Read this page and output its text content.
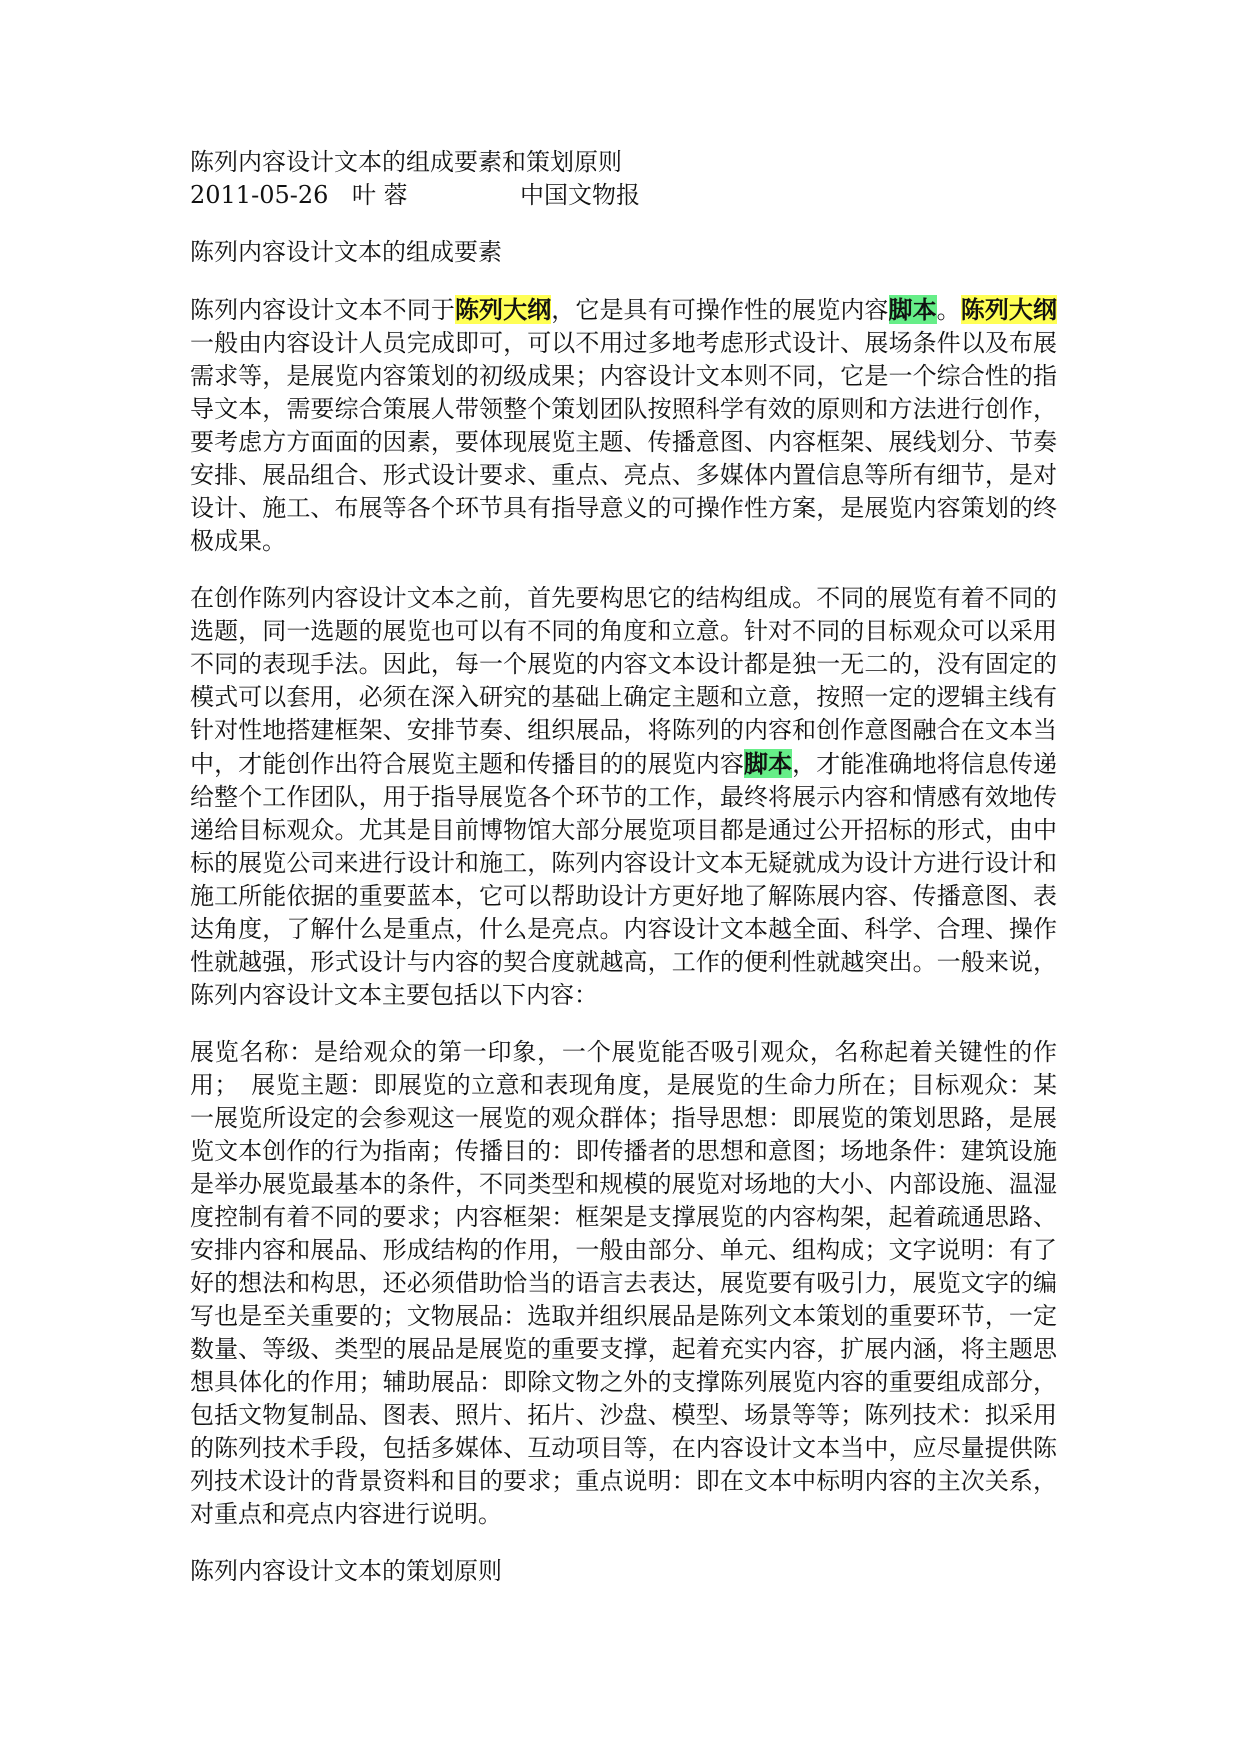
陈列内容设计文本的组成要素和策划原则

2011-05-26 叶 蓉	中国文物报

陈列内容设计文本的组成要素

陈列内容设计文本不同于陈列大纲，它是具有可操作性的展览内容脚本。陈列大纲一般由内容设计人员完成即可，可以不用过多地考虑形式设计、展场条件以及布展需求等，是展览内容策划的初级成果；内容设计文本则不同，它是一个综合性的指导文本，需要综合策展人带领整个策划团队按照科学有效的原则和方法进行创作，要考虑方方面面的因素，要体现展览主题、传播意图、内容框架、展线划分、节奏安排、展品组合、形式设计要求、重点、亮点、多媒体内置信息等所有细节，是对设计、施工、布展等各个环节具有指导意义的可操作性方案，是展览内容策划的终极成果。

在创作陈列内容设计文本之前，首先要构思它的结构组成。不同的展览有着不同的选题，同一选题的展览也可以有不同的角度和立意。针对不同的目标观众可以采用不同的表现手法。因此，每一个展览的内容文本设计都是独一无二的，没有固定的模式可以套用，必须在深入研究的基础上确定主题和立意，按照一定的逻辑主线有针对性地搭建框架、安排节奏、组织展品，将陈列的内容和创作意图融合在文本当中，才能创作出符合展览主题和传播目的的展览内容脚本，才能准确地将信息传递给整个工作团队，用于指导展览各个环节的工作，最终将展示内容和情感有效地传递给目标观众。尤其是目前博物馆大部分展览项目都是通过公开招标的形式，由中标的展览公司来进行设计和施工，陈列内容设计文本无疑就成为设计方进行设计和施工所能依据的重要蓝本，它可以帮助设计方更好地了解陈展内容、传播意图、表达角度，了解什么是重点，什么是亮点。内容设计文本越全面、科学、合理、操作性就越强，形式设计与内容的契合度就越高，工作的便利性就越突出。一般来说，陈列内容设计文本主要包括以下内容：

展览名称：是给观众的第一印象，一个展览能否吸引观众，名称起着关键性的作用；　展览主题：即展览的立意和表现角度，是展览的生命力所在；目标观众：某一展览所设定的会参观这一展览的观众群体；指导思想：即展览的策划思路，是展览文本创作的行为指南；传播目的：即传播者的思想和意图；场地条件：建筑设施是举办展览最基本的条件，不同类型和规模的展览对场地的大小、内部设施、温湿度控制有着不同的要求；内容框架：框架是支撑展览的内容构架，起着疏通思路、安排内容和展品、形成结构的作用，一般由部分、单元、组构成；文字说明：有了好的想法和构思，还必须借助恰当的语言去表达，展览要有吸引力，展览文字的编写也是至关重要的；文物展品：选取并组织展品是陈列文本策划的重要环节，一定数量、等级、类型的展品是展览的重要支撑，起着充实内容，扩展内涵，将主题思想具体化的作用；辅助展品：即除文物之外的支撑陈列展览内容的重要组成部分，包括文物复制品、图表、照片、拓片、沙盘、模型、场景等等；陈列技术：拟采用的陈列技术手段，包括多媒体、互动项目等，在内容设计文本当中，应尽量提供陈列技术设计的背景资料和目的要求；重点说明：即在文本中标明内容的主次关系，对重点和亮点内容进行说明。

陈列内容设计文本的策划原则
